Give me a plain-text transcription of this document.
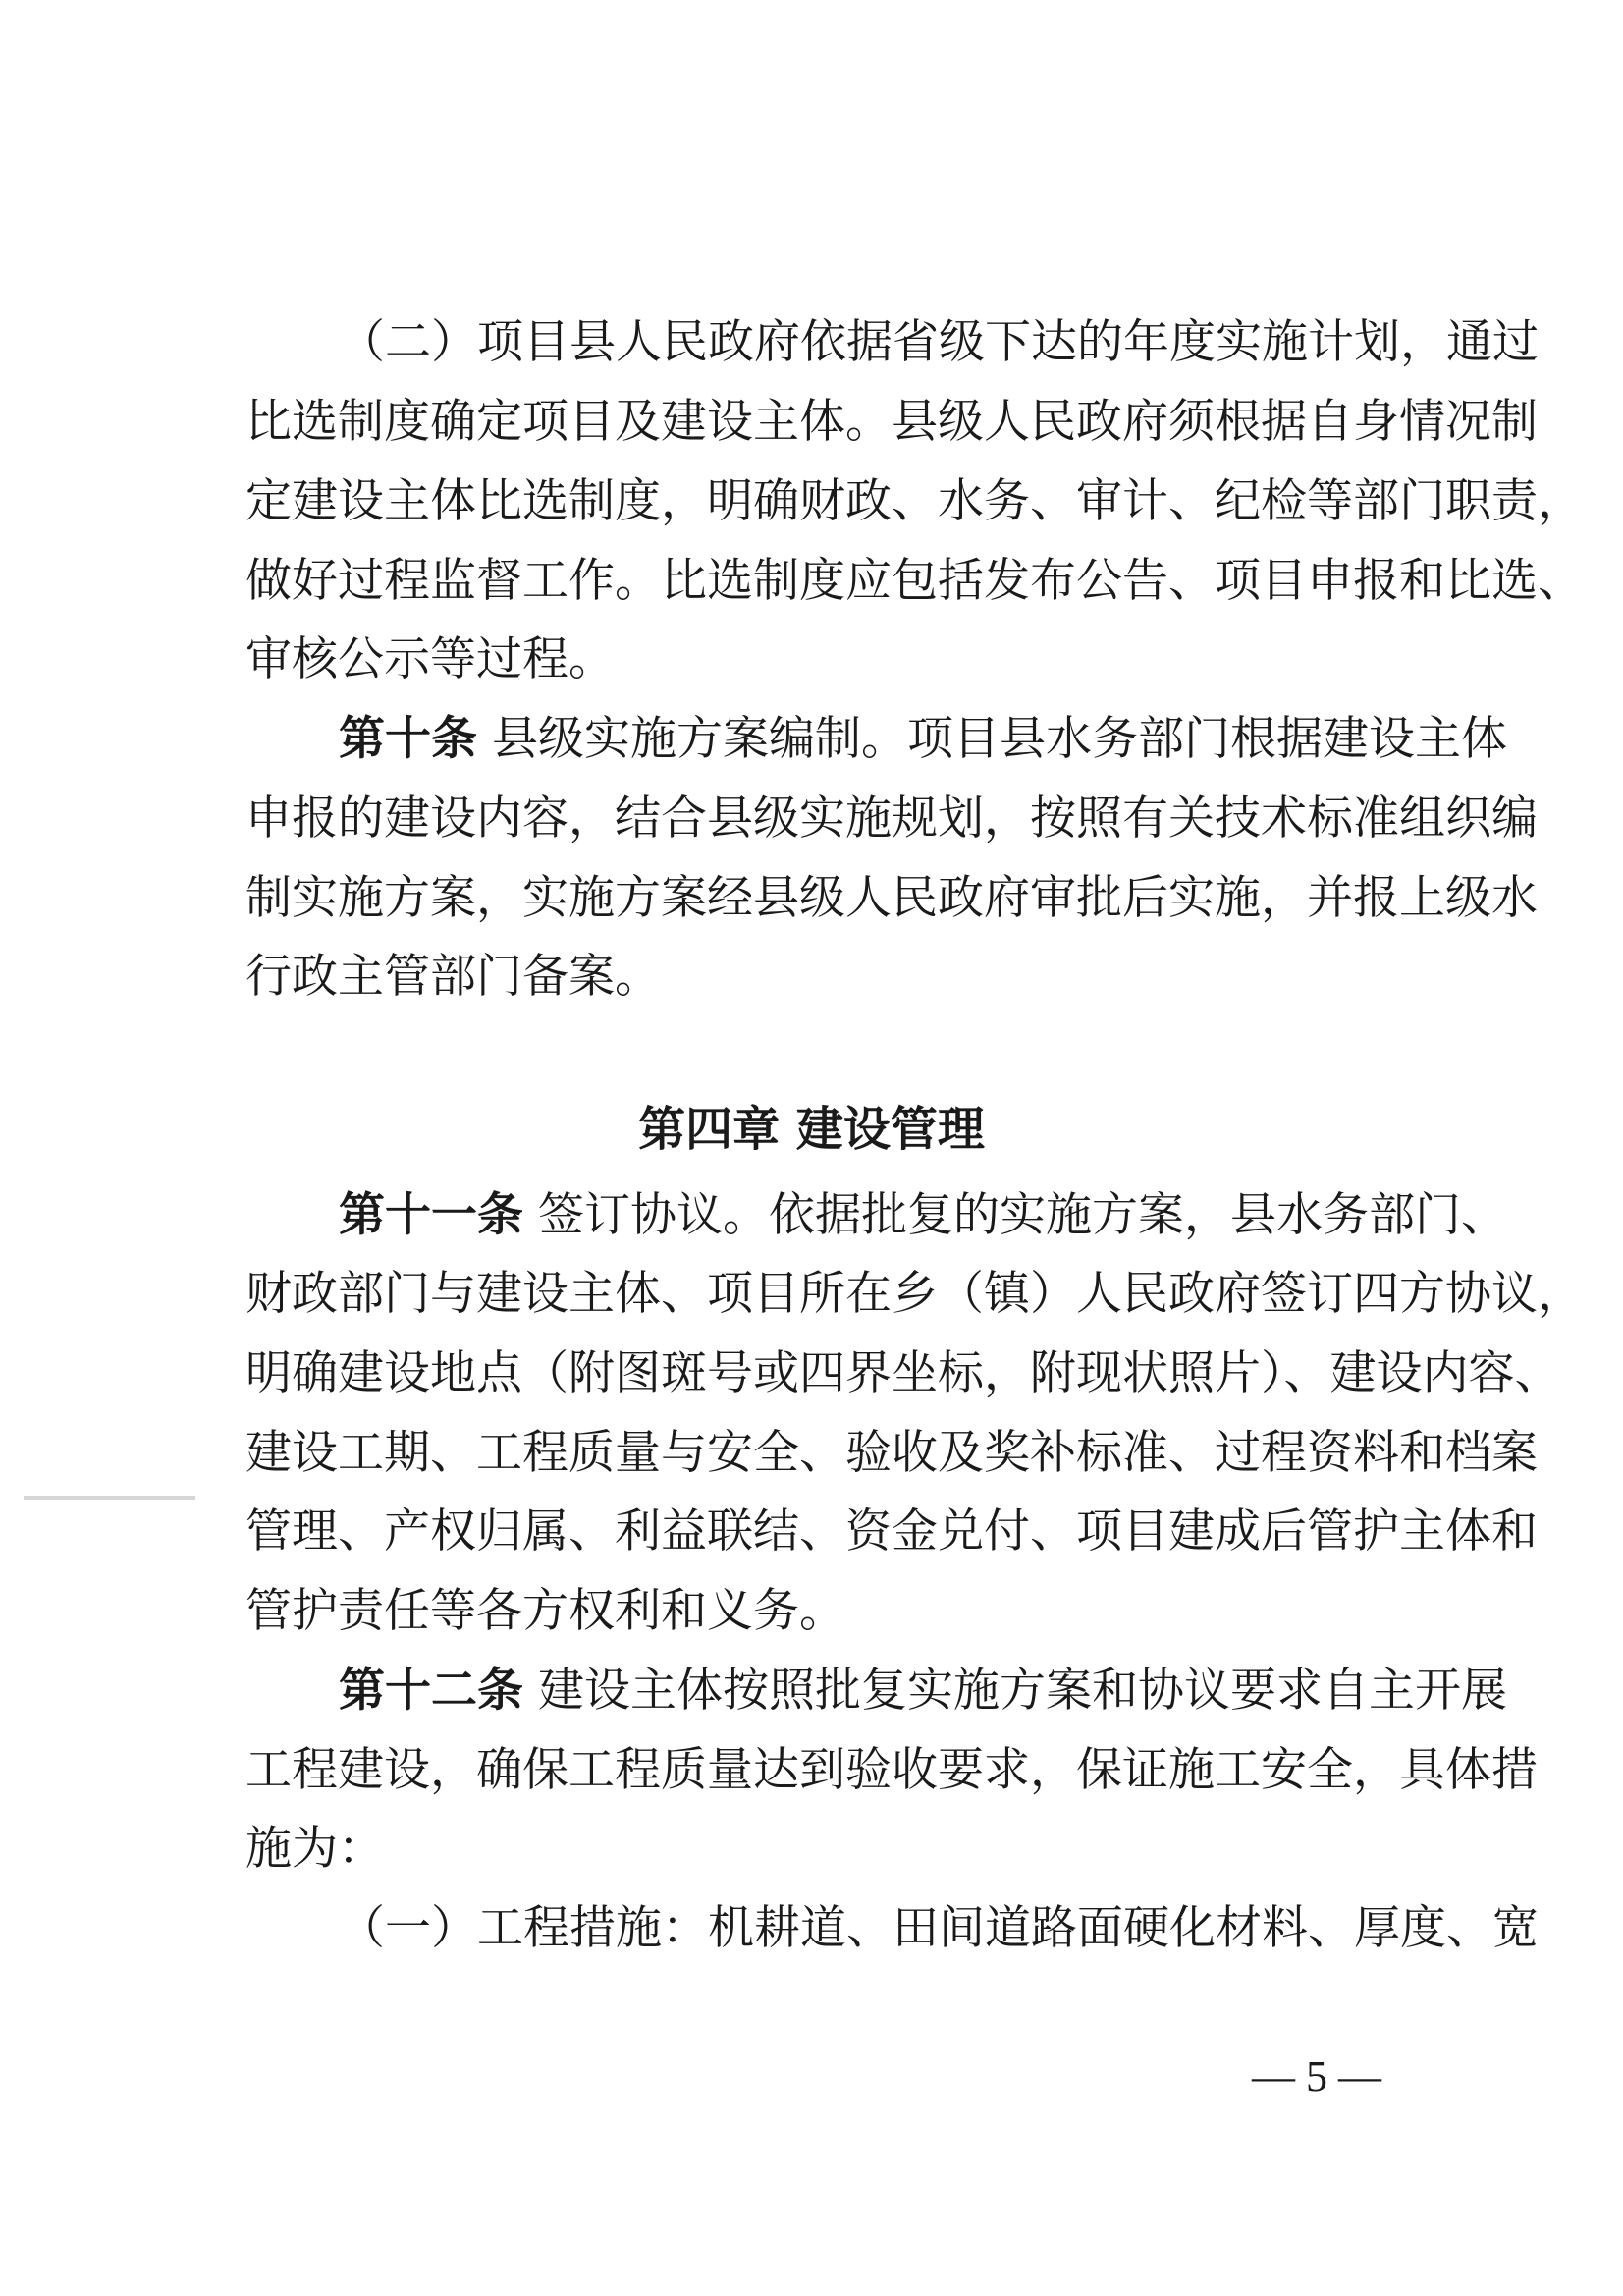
（二）项目县人民政府依据省级下达的年度实施计划，通过
比选制度确定项目及建设主体。县级人民政府须根据自身情况制
定建设主体比选制度，明确财政、水务、审计、纪检等部门职责，
做好过程监督工作。比选制度应包括发布公告、项目申报和比选、
审核公示等过程。
第十条 县级实施方案编制。项目县水务部门根据建设主体
申报的建设内容，结合县级实施规划，按照有关技术标准组织编
制实施方案，实施方案经县级人民政府审批后实施，并报上级水
行政主管部门备案。
第四章 建设管理
第十一条 签订协议。依据批复的实施方案，县水务部门、
财政部门与建设主体、项目所在乡（镇）人民政府签订四方协议，
明确建设地点（附图斑号或四界坐标，附现状照片）、建设内容、
建设工期、工程质量与安全、验收及奖补标准、过程资料和档案
管理、产权归属、利益联结、资金兑付、项目建成后管护主体和
管护责任等各方权利和义务。
第十二条 建设主体按照批复实施方案和协议要求自主开展
工程建设，确保工程质量达到验收要求，保证施工安全，具体措
施为：
（一）工程措施：机耕道、田间道路面硬化材料、厚度、宽
— 5 —
